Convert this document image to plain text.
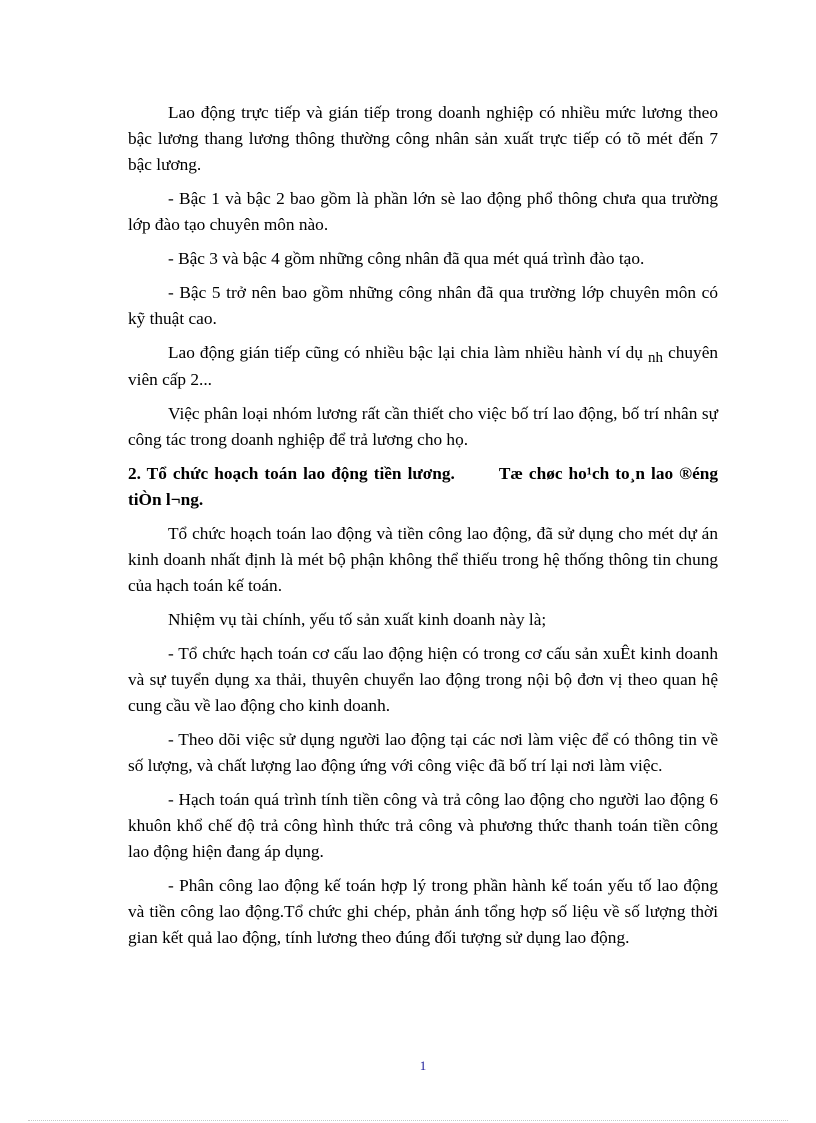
Lao động trực tiếp và gián tiếp trong doanh nghiệp có nhiều mức lương theo bậc lương thang lương thông thường công nhân sản xuất trực tiếp có tõ mét đến 7 bậc lương.

- Bậc 1 và bậc 2 bao gồm là phần lớn sè lao động phổ thông chưa qua trường lớp đào tạo chuyên môn nào.

- Bậc 3 và bậc 4 gồm những công nhân đã qua mét quá trình đào tạo.

- Bậc 5 trở nên bao gồm những công nhân đã qua trường lớp chuyên môn có kỹ thuật cao.

Lao động gián tiếp cũng có nhiều bậc lại chia làm nhiều hành ví dụ nh chuyên viên cấp 2...

Việc phân loại nhóm lương rất cần thiết cho việc bố trí lao động, bố trí nhân sự công tác trong doanh nghiệp để trả lương cho họ.

2. Tổ chức hoạch toán lao động tiền lương.	Tæ chøc ho¹ch to¸n lao ®éng tiÒn l¬ng.

Tổ chức hoạch toán lao động và tiền công lao động, đã sử dụng cho mét dự án kinh doanh nhất định là mét bộ phận không thể thiếu trong hệ thống thông tin chung của hạch toán kế toán.

Nhiệm vụ tài chính, yếu tố sản xuất kinh doanh này là;

- Tổ chức hạch toán cơ cấu lao động hiện có trong cơ cấu sản xuÊt kinh doanh và sự tuyển dụng xa thải, thuyên chuyển lao động trong nội bộ đơn vị theo quan hệ cung cầu về lao động cho kinh doanh.

- Theo dõi việc sử dụng người lao động tại các nơi làm việc để có thông tin về số lượng, và chất lượng lao động ứng với công việc đã bố trí lại nơi làm việc.

- Hạch toán quá trình tính tiền công và trả công lao động cho người lao động 6 khuôn khổ chế độ trả công hình thức trả công và phương thức thanh toán tiền công lao động hiện đang áp dụng.

- Phân công lao động kế toán hợp lý trong phần hành kế toán yếu tố lao động và tiền công lao động.Tổ chức ghi chép, phản ánh tổng hợp số liệu về số lượng thời gian kết quả lao động, tính lương theo đúng đối tượng sử dụng lao động.

1
